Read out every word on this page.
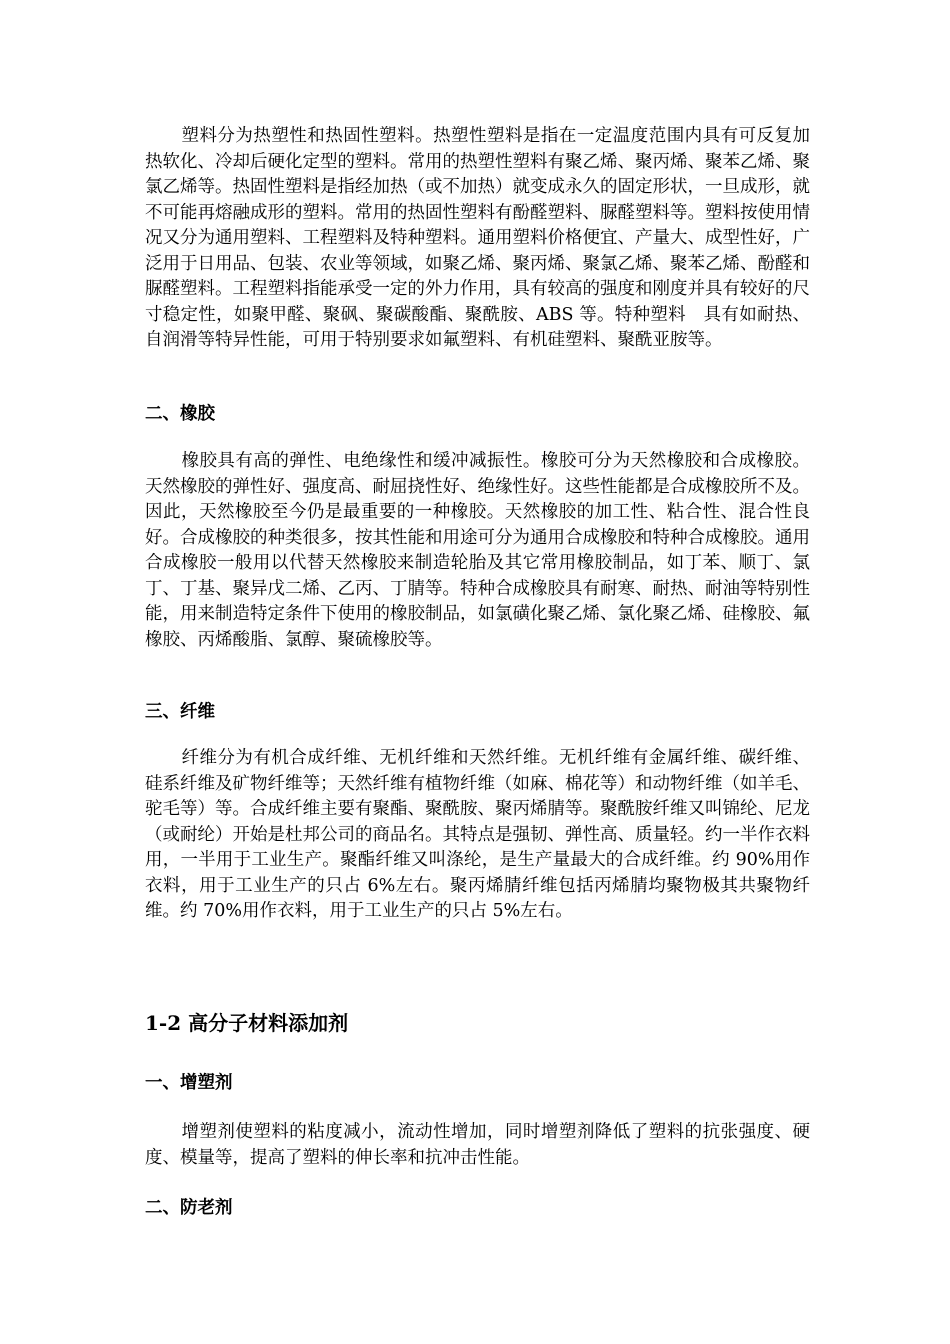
塑料分为热塑性和热固性塑料。热塑性塑料是指在一定温度范围内具有可反复加热软化、冷却后硬化定型的塑料。常用的热塑性塑料有聚乙烯、聚丙烯、聚苯乙烯、聚氯乙烯等。热固性塑料是指经加热（或不加热）就变成永久的固定形状，一旦成形，就不可能再熔融成形的塑料。常用的热固性塑料有酚醛塑料、脲醛塑料等。塑料按使用情况又分为通用塑料、工程塑料及特种塑料。通用塑料价格便宜、产量大、成型性好，广泛用于日用品、包装、农业等领域，如聚乙烯、聚丙烯、聚氯乙烯、聚苯乙烯、酚醛和脲醛塑料。工程塑料指能承受一定的外力作用，具有较高的强度和刚度并具有较好的尺寸稳定性，如聚甲醛、聚砜、聚碳酸酯、聚酰胺、ABS 等。特种塑料　具有如耐热、自润滑等特异性能，可用于特别要求如氟塑料、有机硅塑料、聚酰亚胺等。

二、橡胶

橡胶具有高的弹性、电绝缘性和缓冲减振性。橡胶可分为天然橡胶和合成橡胶。天然橡胶的弹性好、强度高、耐屈挠性好、绝缘性好。这些性能都是合成橡胶所不及。因此，天然橡胶至今仍是最重要的一种橡胶。天然橡胶的加工性、粘合性、混合性良好。合成橡胶的种类很多，按其性能和用途可分为通用合成橡胶和特种合成橡胶。通用合成橡胶一般用以代替天然橡胶来制造轮胎及其它常用橡胶制品，如丁苯、顺丁、氯丁、丁基、聚异戊二烯、乙丙、丁腈等。特种合成橡胶具有耐寒、耐热、耐油等特别性能，用来制造特定条件下使用的橡胶制品，如氯磺化聚乙烯、氯化聚乙烯、硅橡胶、氟橡胶、丙烯酸脂、氯醇、聚硫橡胶等。

三、纤维

纤维分为有机合成纤维、无机纤维和天然纤维。无机纤维有金属纤维、碳纤维、硅系纤维及矿物纤维等；天然纤维有植物纤维（如麻、棉花等）和动物纤维（如羊毛、驼毛等）等。合成纤维主要有聚酯、聚酰胺、聚丙烯腈等。聚酰胺纤维又叫锦纶、尼龙（或耐纶）开始是杜邦公司的商品名。其特点是强韧、弹性高、质量轻。约一半作衣料用，一半用于工业生产。聚酯纤维又叫涤纶，是生产量最大的合成纤维。约 90%用作衣料，用于工业生产的只占 6%左右。聚丙烯腈纤维包括丙烯腈均聚物极其共聚物纤维。约 70%用作衣料，用于工业生产的只占 5%左右。

1-2 高分子材料添加剂
一、增塑剂

增塑剂使塑料的粘度减小，流动性增加，同时增塑剂降低了塑料的抗张强度、硬度、模量等，提高了塑料的伸长率和抗冲击性能。

二、防老剂
